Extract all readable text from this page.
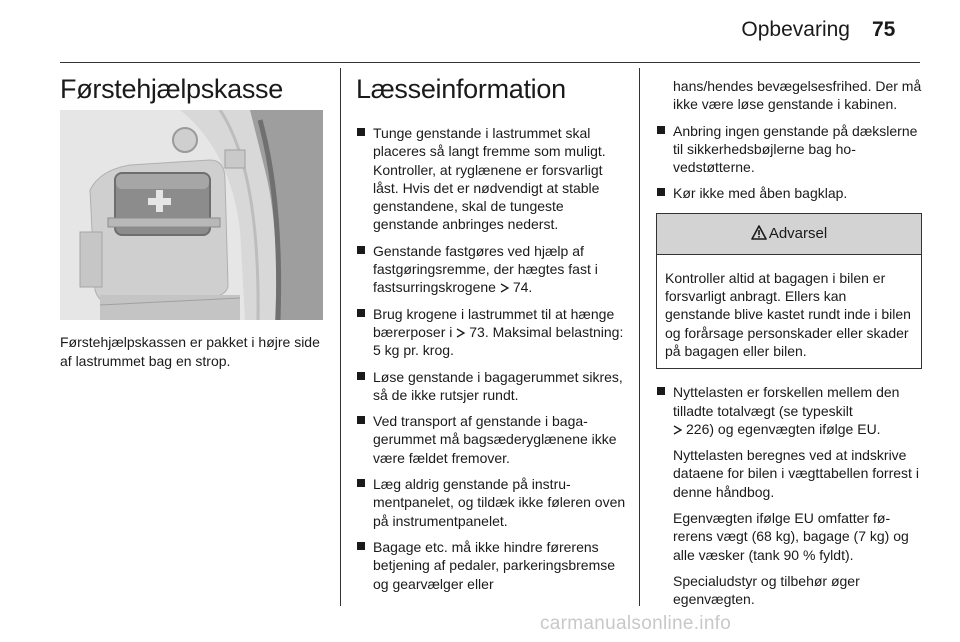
Opbevaring 75
Førstehjælpskasse

Førstehjælpskassen er pakket i højre side af lastrummet bag en strop.

Læsseinformation
Tunge genstande i lastrummet skal placeres så langt fremme som muligt. Kontroller, at ryglænene er forsvarligt låst. Hvis det er nødvendigt at stable genstandene, skal de tungeste genstande anbringes nederst.
Genstande fastgøres ved hjælp af fastgøringsremme, der hægtes fast i fastsurringskrogene 74.
Brug krogene i lastrummet til at hænge bærerposer i 73. Maksimal belastning: 5 kg pr. krog.
Løse genstande i bagagerummet sikres, så de ikke rutsjer rundt.
Ved transport af genstande i bagagerummet må bagsæderyglænene ikke være fældet fremover.
Læg aldrig genstande på instrumentpanelet, og tildæk ikke føleren oven på instrumentpanelet.
Bagage etc. må ikke hindre førerens betjening af pedaler, parkeringsbremse og gearvælger eller

hans/hendes bevægelsesfrihed. Der må ikke være løse genstande i kabinen.

Anbring ingen genstande på dækslerne til sikkerhedsbøjlerne bag hovedstøtterne.
Kør ikke med åben bagklap.
Advarsel

Kontroller altid at bagagen i bilen er forsvarligt anbragt. Ellers kan genstande blive kastet rundt inde i bilen og forårsage personskader eller skader på bagagen eller bilen.

Nyttelasten er forskellen mellem den tilladte totalvægt (se typeskilt
226) og egenvægten ifølge EU.

Nyttelasten beregnes ved at indskrive dataene for bilen i vægttabellen forrest i denne håndbog.

Egenvægten ifølge EU omfatter førerens vægt (68 kg), bagage (7 kg) og alle væsker (tank 90 % fyldt).

Specialudstyr og tilbehør øger egenvægten.

carmanualsonline.info
